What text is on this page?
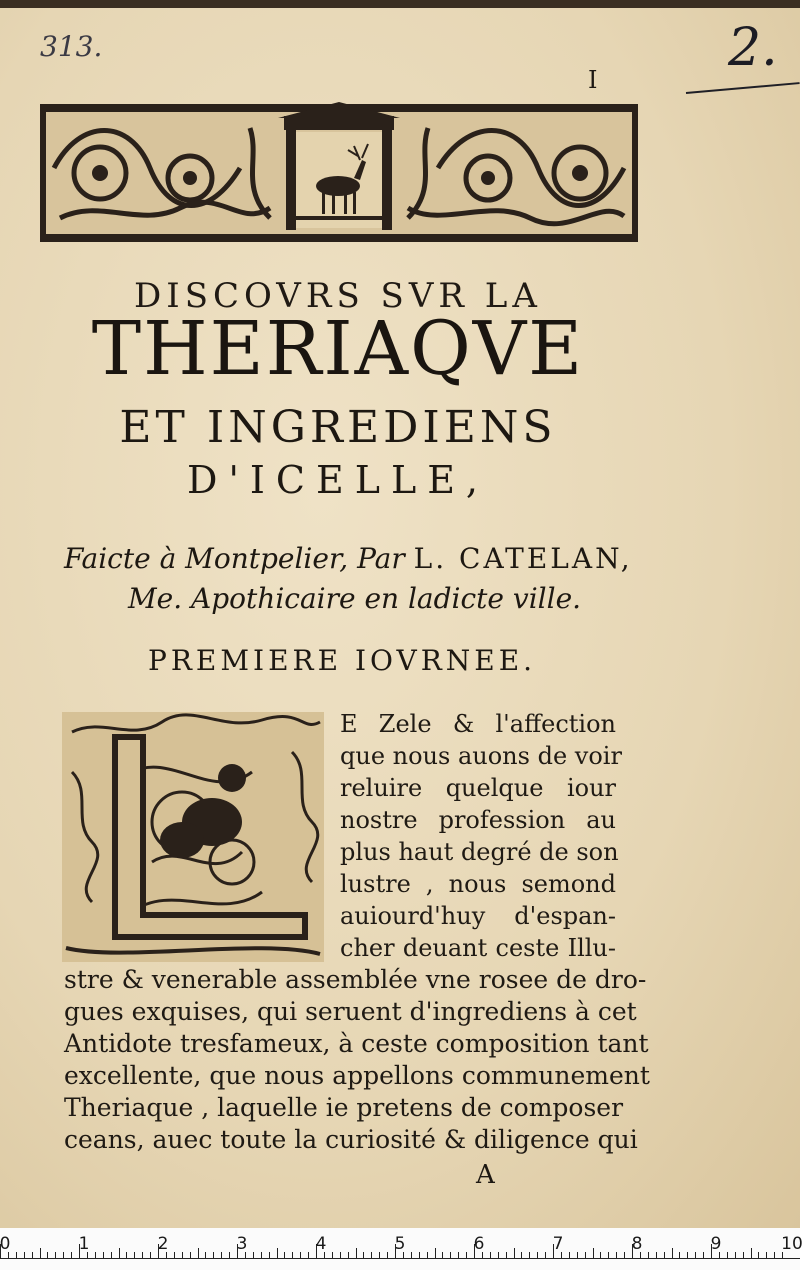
313.	2.
I
DISCOVRS SVR LA
THERIAQVE
ET INGREDIENS
D'ICELLE,
Faicte à Montpelier, Par L. CATELAN,
Me. Apothicaire en ladicte ville.
PREMIERE IOVRNEE.
E Zele & l'affection
que nous auons de voir
reluire quelque iour
nostre profession au
plus haut degré de son
lustre , nous semond
auiourd'huy d'espan-
cher deuant ceste Illu-
stre & venerable assemblée vne rosee de dro-
gues exquises, qui seruent d'ingrediens à cet
Antidote tresfameux, à ceste composition tant
excellente, que nous appellons communement
Theriaque , laquelle ie pretens de composer
ceans, auec toute la curiosité & diligence qui
A
0	1	2	3	4	5	6	7	8	9	10
